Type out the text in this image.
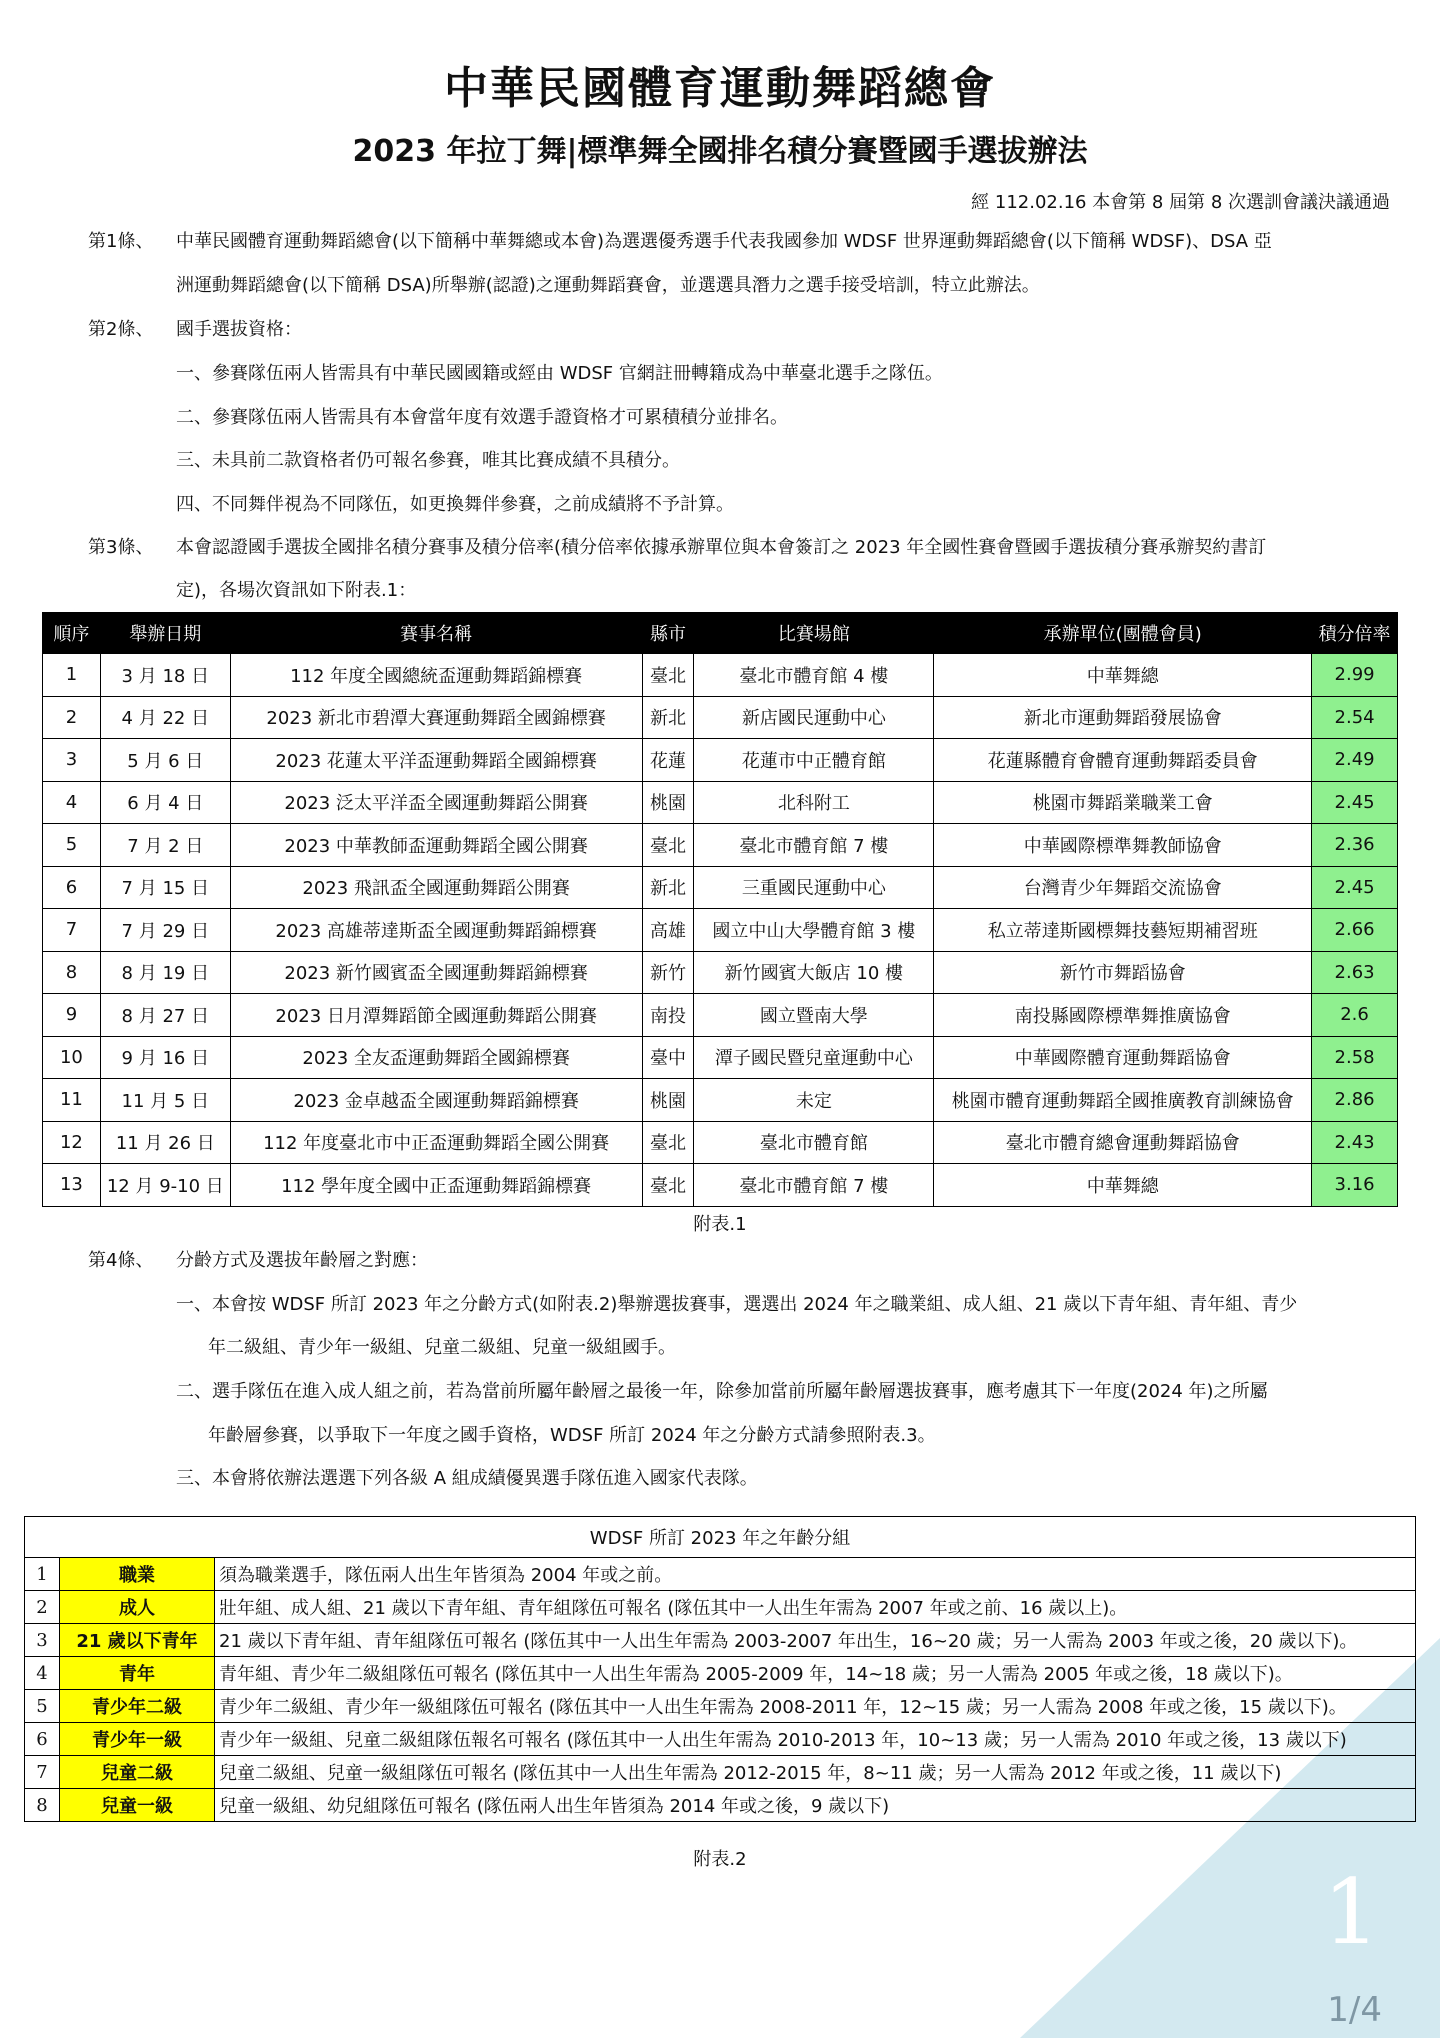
中華民國體育運動舞蹈總會
2023 年拉丁舞|標準舞全國排名積分賽暨國手選拔辦法
經 112.02.16 本會第 8 屆第 8 次選訓會議決議通過
第1條、 中華民國體育運動舞蹈總會(以下簡稱中華舞總或本會)為選選優秀選手代表我國參加 WDSF 世界運動舞蹈總會(以下簡稱 WDSF)、DSA 亞
洲運動舞蹈總會(以下簡稱 DSA)所舉辦(認證)之運動舞蹈賽會，並選選具潛力之選手接受培訓，特立此辦法。
第2條、 國手選拔資格：
一、參賽隊伍兩人皆需具有中華民國國籍或經由 WDSF 官網註冊轉籍成為中華臺北選手之隊伍。
二、參賽隊伍兩人皆需具有本會當年度有效選手證資格才可累積積分並排名。
三、未具前二款資格者仍可報名參賽，唯其比賽成績不具積分。
四、不同舞伴視為不同隊伍，如更換舞伴參賽，之前成績將不予計算。
第3條、 本會認證國手選拔全國排名積分賽事及積分倍率(積分倍率依據承辦單位與本會簽訂之 2023 年全國性賽會暨國手選拔積分賽承辦契約書訂
定)，各場次資訊如下附表.1：
順序	舉辦日期	賽事名稱	縣市	比賽場館	承辦單位(團體會員)	積分倍率
1	3 月 18 日	112 年度全國總統盃運動舞蹈錦標賽	臺北	臺北市體育館 4 樓	中華舞總	2.99
2	4 月 22 日	2023 新北市碧潭大賽運動舞蹈全國錦標賽	新北	新店國民運動中心	新北市運動舞蹈發展協會	2.54
3	5 月 6 日	2023 花蓮太平洋盃運動舞蹈全國錦標賽	花蓮	花蓮市中正體育館	花蓮縣體育會體育運動舞蹈委員會	2.49
4	6 月 4 日	2023 泛太平洋盃全國運動舞蹈公開賽	桃園	北科附工	桃園市舞蹈業職業工會	2.45
5	7 月 2 日	2023 中華教師盃運動舞蹈全國公開賽	臺北	臺北市體育館 7 樓	中華國際標準舞教師協會	2.36
6	7 月 15 日	2023 飛訊盃全國運動舞蹈公開賽	新北	三重國民運動中心	台灣青少年舞蹈交流協會	2.45
7	7 月 29 日	2023 高雄蒂達斯盃全國運動舞蹈錦標賽	高雄	國立中山大學體育館 3 樓	私立蒂達斯國標舞技藝短期補習班	2.66
8	8 月 19 日	2023 新竹國賓盃全國運動舞蹈錦標賽	新竹	新竹國賓大飯店 10 樓	新竹市舞蹈協會	2.63
9	8 月 27 日	2023 日月潭舞蹈節全國運動舞蹈公開賽	南投	國立暨南大學	南投縣國際標準舞推廣協會	2.6
10	9 月 16 日	2023 全友盃運動舞蹈全國錦標賽	臺中	潭子國民暨兒童運動中心	中華國際體育運動舞蹈協會	2.58
11	11 月 5 日	2023 金卓越盃全國運動舞蹈錦標賽	桃園	未定	桃園市體育運動舞蹈全國推廣教育訓練協會	2.86
12	11 月 26 日	112 年度臺北市中正盃運動舞蹈全國公開賽	臺北	臺北市體育館	臺北市體育總會運動舞蹈協會	2.43
13	12 月 9-10 日	112 學年度全國中正盃運動舞蹈錦標賽	臺北	臺北市體育館 7 樓	中華舞總	3.16
附表.1
第4條、 分齡方式及選拔年齡層之對應：
一、本會按 WDSF 所訂 2023 年之分齡方式(如附表.2)舉辦選拔賽事，選選出 2024 年之職業組、成人組、21 歲以下青年組、青年組、青少
年二級組、青少年一級組、兒童二級組、兒童一級組國手。
二、選手隊伍在進入成人組之前，若為當前所屬年齡層之最後一年，除參加當前所屬年齡層選拔賽事，應考慮其下一年度(2024 年)之所屬
年齡層參賽，以爭取下一年度之國手資格，WDSF 所訂 2024 年之分齡方式請參照附表.3。
三、本會將依辦法選選下列各級 A 組成績優異選手隊伍進入國家代表隊。
WDSF 所訂 2023 年之年齡分組		
1	職業	須為職業選手，隊伍兩人出生年皆須為 2004 年或之前。
2	成人	壯年組、成人組、21 歲以下青年組、青年組隊伍可報名 (隊伍其中一人出生年需為 2007 年或之前、16 歲以上)。
3	21 歲以下青年	21 歲以下青年組、青年組隊伍可報名 (隊伍其中一人出生年需為 2003-2007 年出生，16~20 歲；另一人需為 2003 年或之後，20 歲以下)。
4	青年	青年組、青少年二級組隊伍可報名 (隊伍其中一人出生年需為 2005-2009 年，14~18 歲；另一人需為 2005 年或之後，18 歲以下)。
5	青少年二級	青少年二級組、青少年一級組隊伍可報名 (隊伍其中一人出生年需為 2008-2011 年，12~15 歲；另一人需為 2008 年或之後，15 歲以下)。
6	青少年一級	青少年一級組、兒童二級組隊伍報名可報名 (隊伍其中一人出生年需為 2010-2013 年，10~13 歲；另一人需為 2010 年或之後，13 歲以下)
7	兒童二級	兒童二級組、兒童一級組隊伍可報名 (隊伍其中一人出生年需為 2012-2015 年，8~11 歲；另一人需為 2012 年或之後，11 歲以下)
8	兒童一級	兒童一級組、幼兒組隊伍可報名 (隊伍兩人出生年皆須為 2014 年或之後，9 歲以下)
附表.2
1
1/4
